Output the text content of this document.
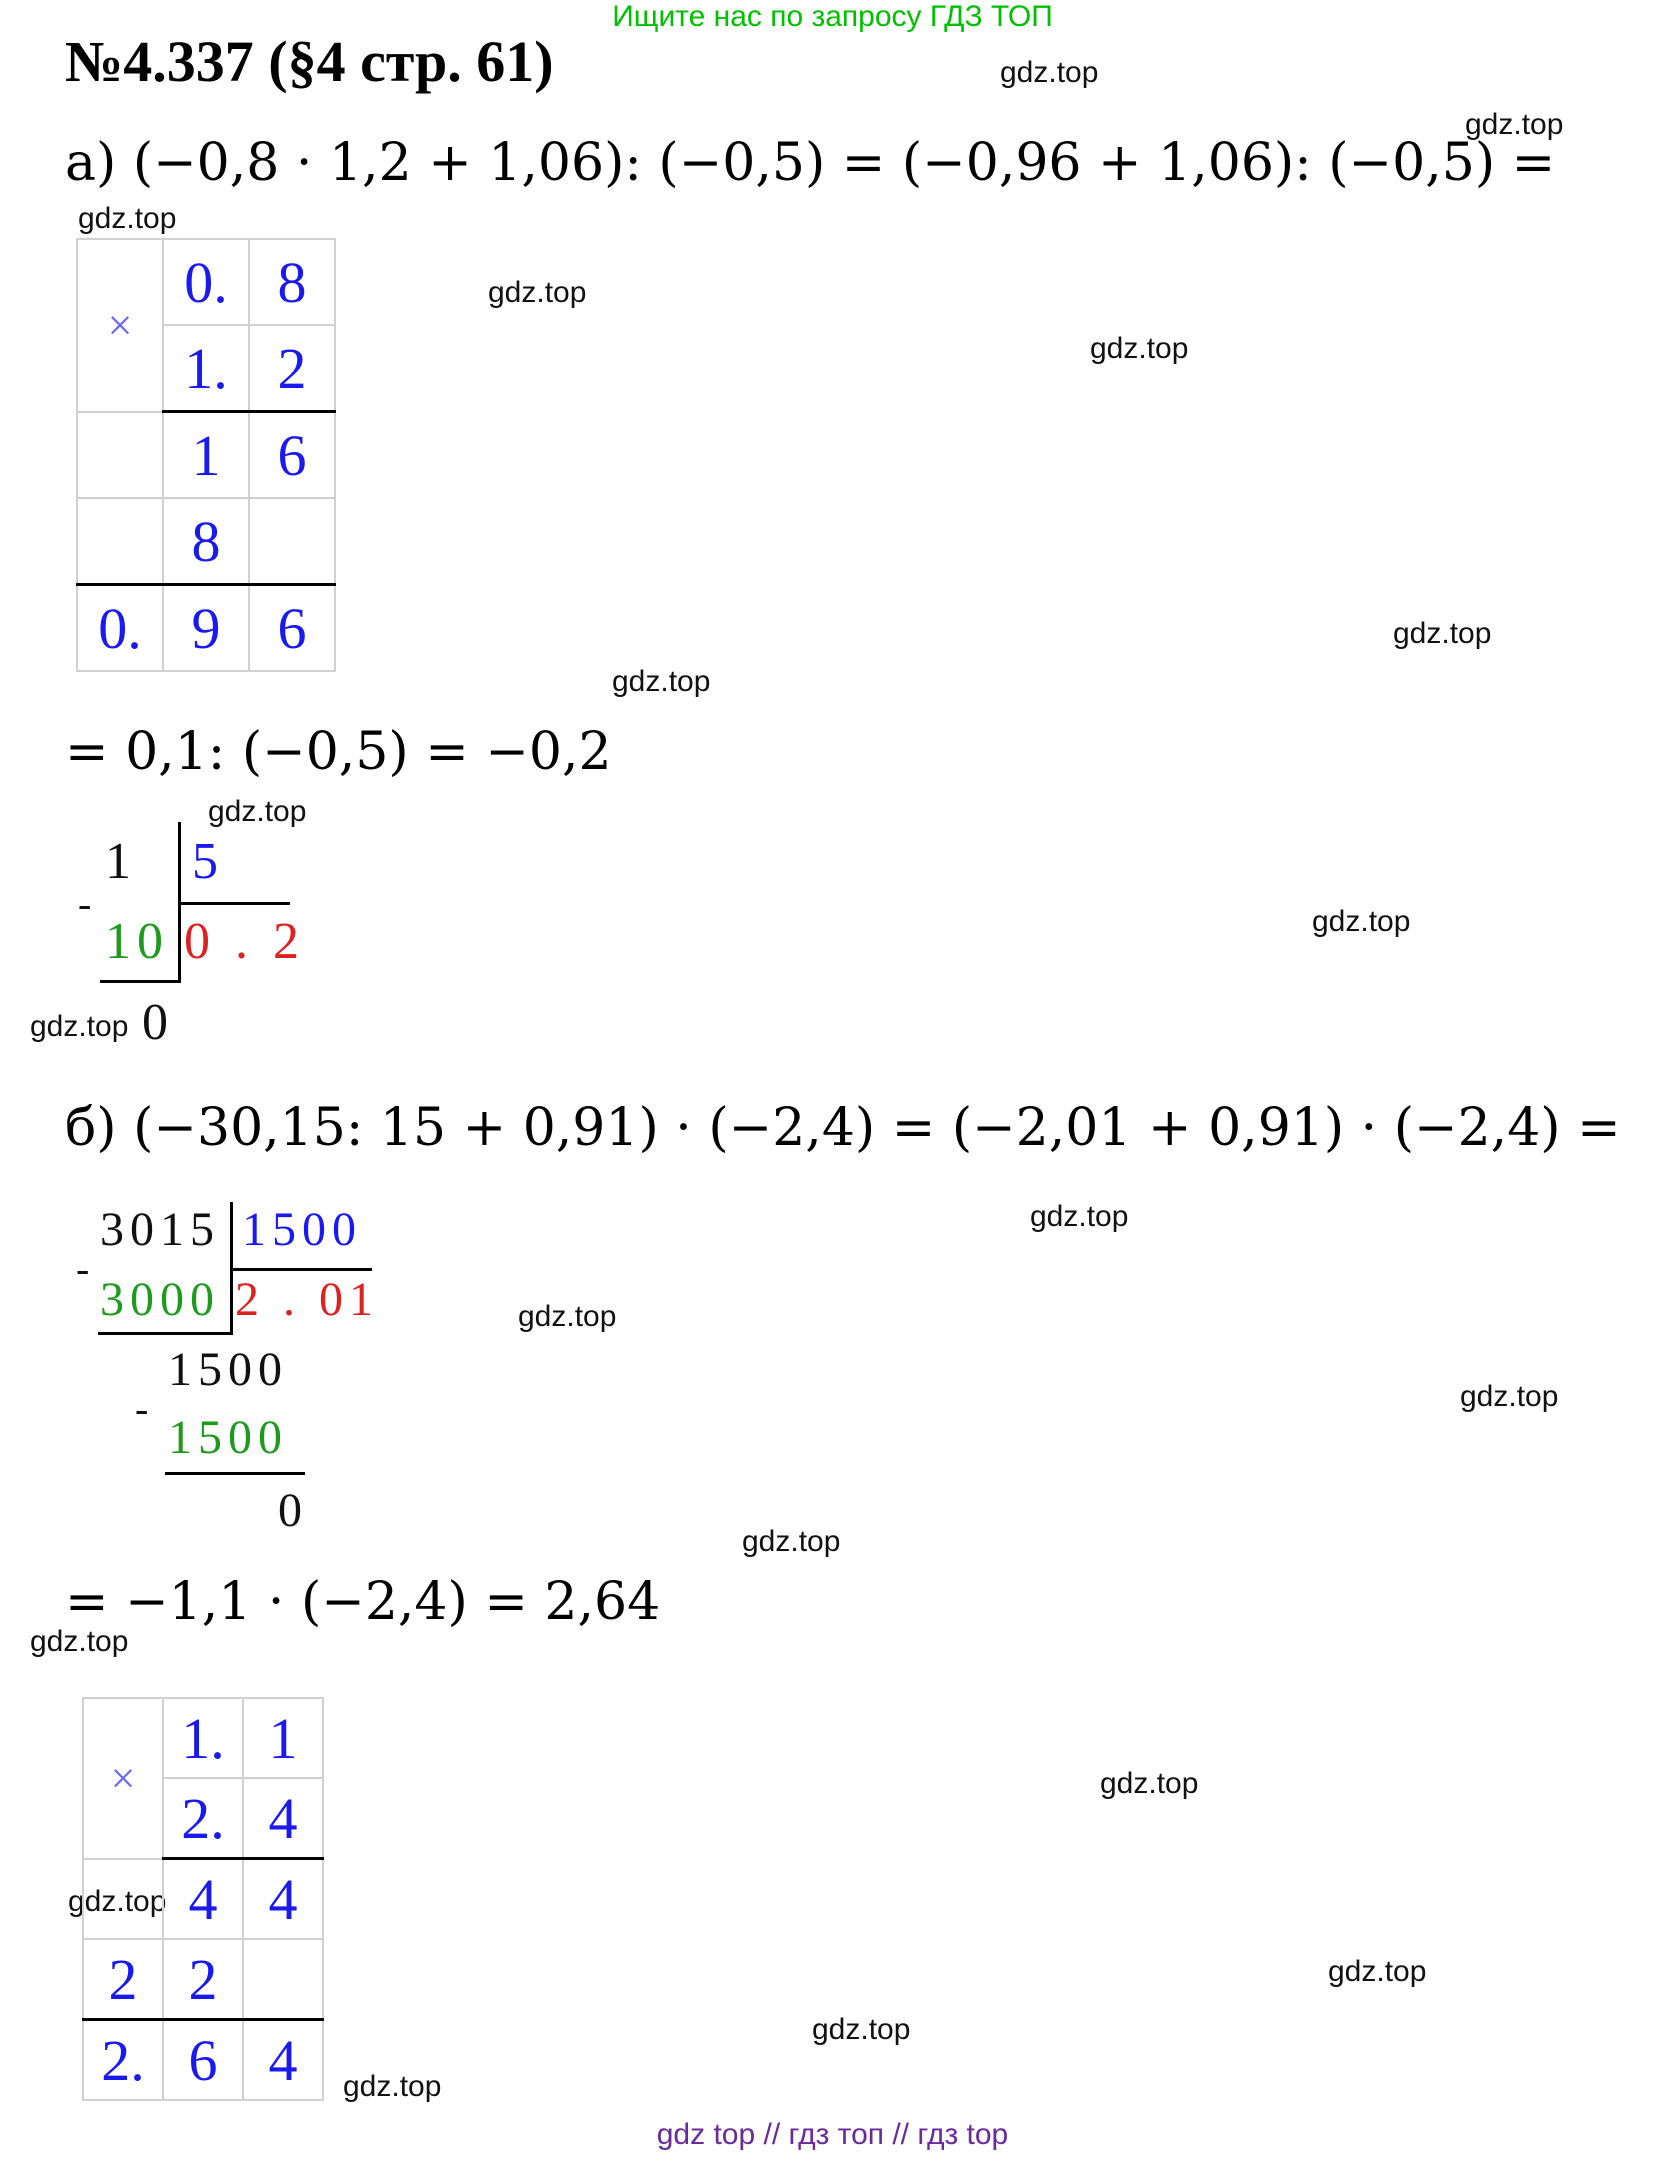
Ищите нас по запросу ГДЗ ТОП
№4.337 (§4 стр. 61)	gdz.top
gdz.top
gdz.top
gdz.top
gdz.top
gdz.top
gdz.top
gdz.top
gdz.top
gdz.top
gdz.top
gdz.top
gdz.top
gdz.top
gdz.top
gdz.top
gdz.top
gdz.top
gdz.top
gdz.top
а) (−0,8 · 1,2 + 1,06): (−0,5) = (−0,96 + 1,06): (−0,5) =
×	0.	8
	1.	2
	1	6
	8	
0.	9	6
= 0,1: (−0,5) = −0,2
1 5
-
10 0 . 2
0
б) (−30,15: 15 + 0,91) · (−2,4) = (−2,01 + 0,91) · (−2,4) =
3015 1500
-
3000 2 . 01
1500
-
1500
0
= −1,1 · (−2,4) = 2,64
×	1.	1
	2.	4
	4	4
2	2	
2.	6	4
gdz top // гдз топ // гдз top
